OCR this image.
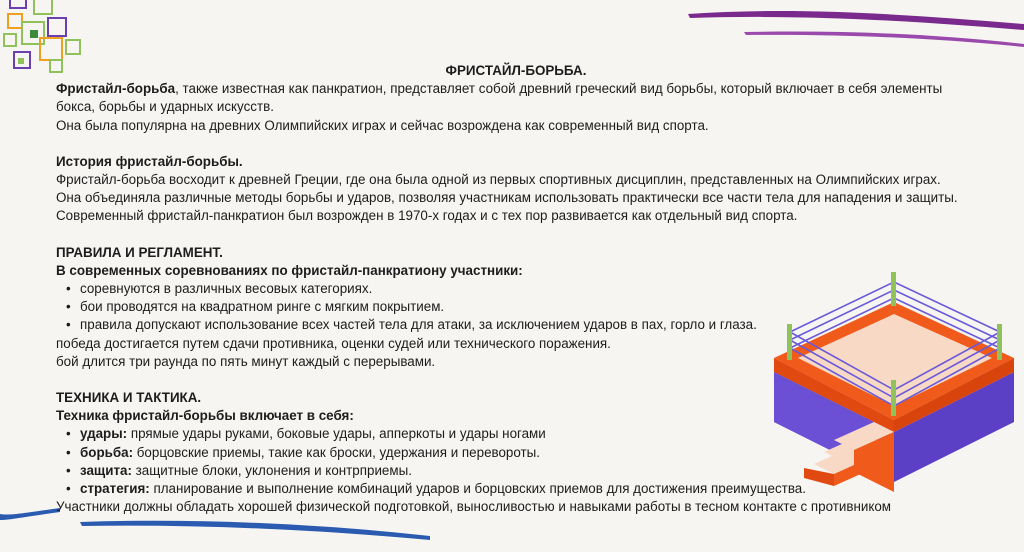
ФРИСТАЙЛ-БОРЬБА.

Фристайл-борьба, также известная как панкратион, представляет собой древний греческий вид борьбы, который включает в себя элементы

бокса, борьбы и ударных искусств.

Она была популярна на древних Олимпийских играх и сейчас возрождена как современный вид спорта.

История фристайл-борьбы.

Фристайл-борьба восходит к древней Греции, где она была одной из первых спортивных дисциплин, представленных на Олимпийских играх.

Она объединяла различные методы борьбы и ударов, позволяя участникам использовать практически все части тела для нападения и защиты.

Современный фристайл-панкратион был возрожден в 1970-х годах и с тех пор развивается как отдельный вид спорта.

ПРАВИЛА И РЕГЛАМЕНТ.

В современных соревнованиях по фристайл-панкратиону участники:

• соревнуются в различных весовых категориях.
• бои проводятся на квадратном ринге с мягким покрытием.
• правила допускают использование всех частей тела для атаки, за исключением ударов в пах, горло и глаза.

победа достигается путем сдачи противника, оценки судей или технического поражения.

бой длится три раунда по пять минут каждый с перерывами.

ТЕХНИКА И ТАКТИКА.

Техника фристайл-борьбы включает в себя:

• удары: прямые удары руками, боковые удары, апперкоты и удары ногами
• борьба: борцовские приемы, такие как броски, удержания и перевороты.
• защита: защитные блоки, уклонения и контрприемы.
• стратегия: планирование и выполнение комбинаций ударов и борцовских приемов для достижения преимущества.

Участники должны обладать хорошей физической подготовкой, выносливостью и навыками работы в тесном контакте с противником
